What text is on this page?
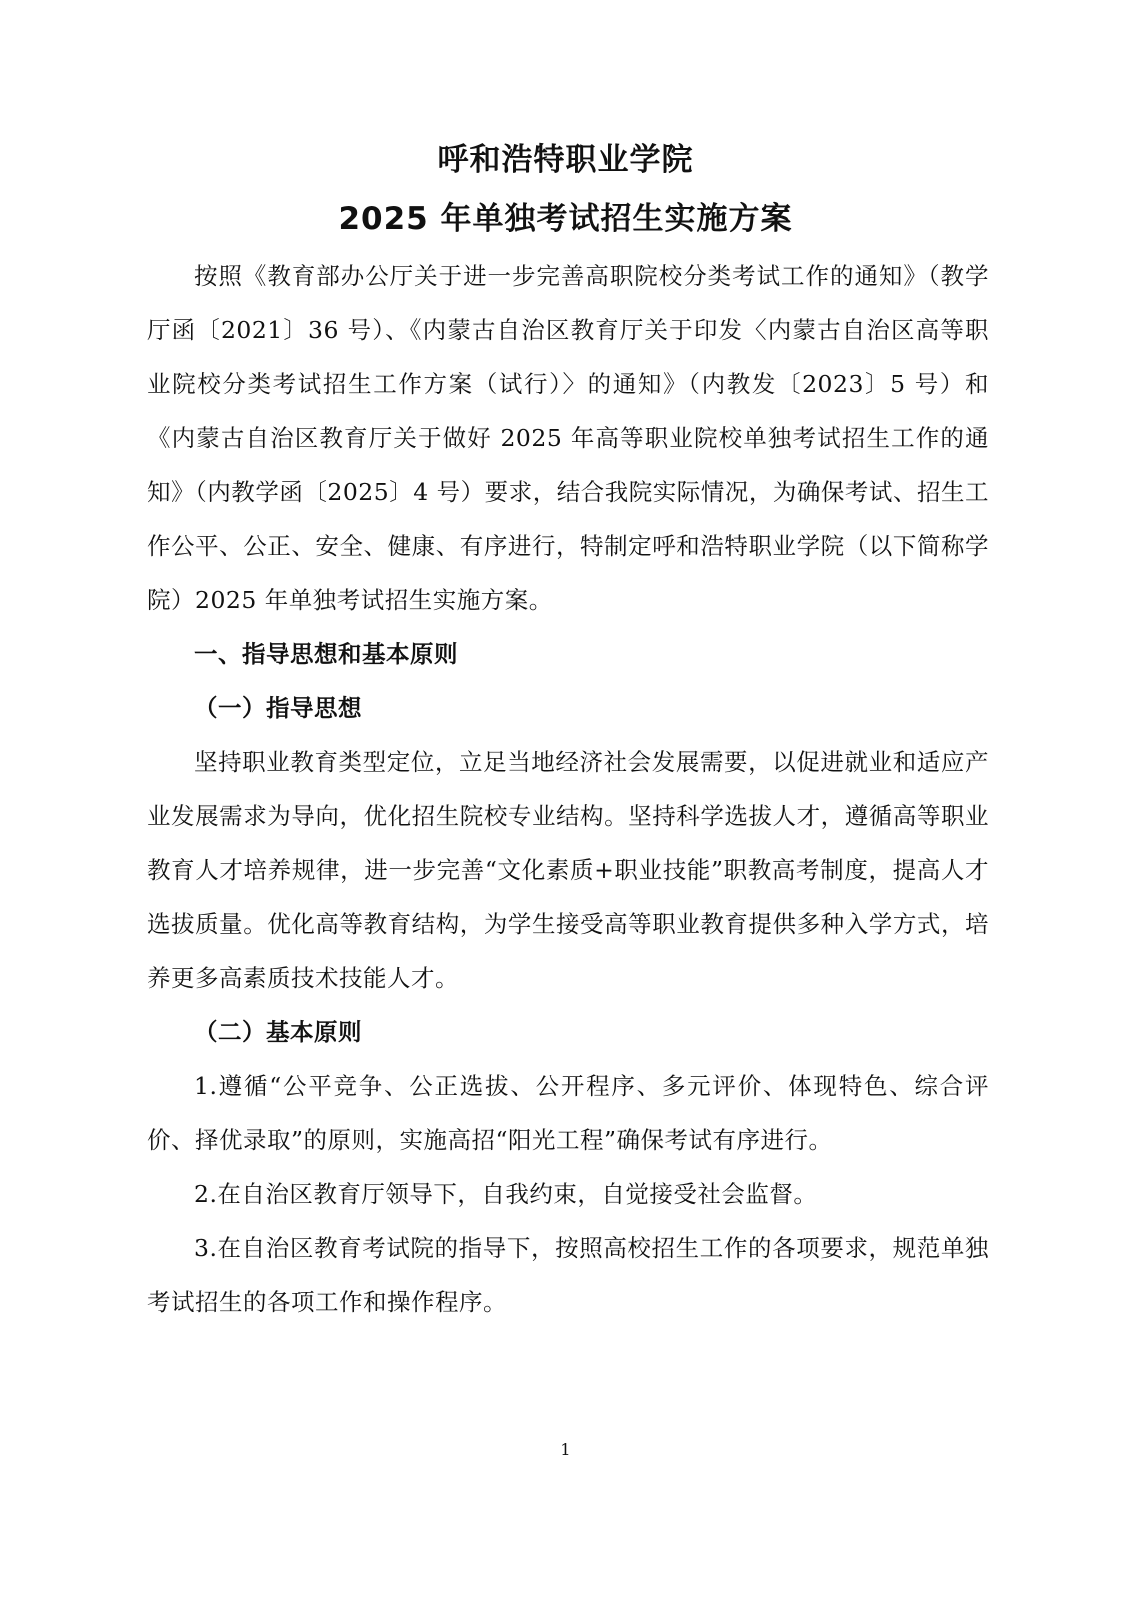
呼和浩特职业学院
2025 年单独考试招生实施方案

按照《教育部办公厅关于进一步完善高职院校分类考试工作的通知》（教学厅函〔2021〕36 号）、《内蒙古自治区教育厅关于印发〈内蒙古自治区高等职业院校分类考试招生工作方案（试行）〉的通知》（内教发〔2023〕5 号）和《内蒙古自治区教育厅关于做好 2025 年高等职业院校单独考试招生工作的通知》（内教学函〔2025〕4 号）要求，结合我院实际情况，为确保考试、招生工作公平、公正、安全、健康、有序进行，特制定呼和浩特职业学院（以下简称学院）2025 年单独考试招生实施方案。

一、指导思想和基本原则

（一）指导思想

坚持职业教育类型定位，立足当地经济社会发展需要，以促进就业和适应产业发展需求为导向，优化招生院校专业结构。坚持科学选拔人才，遵循高等职业教育人才培养规律，进一步完善“文化素质+职业技能”职教高考制度，提高人才选拔质量。优化高等教育结构，为学生接受高等职业教育提供多种入学方式，培养更多高素质技术技能人才。

（二）基本原则

1.遵循“公平竞争、公正选拔、公开程序、多元评价、体现特色、综合评价、择优录取”的原则，实施高招“阳光工程”确保考试有序进行。

2.在自治区教育厅领导下，自我约束，自觉接受社会监督。

3.在自治区教育考试院的指导下，按照高校招生工作的各项要求，规范单独考试招生的各项工作和操作程序。

1
